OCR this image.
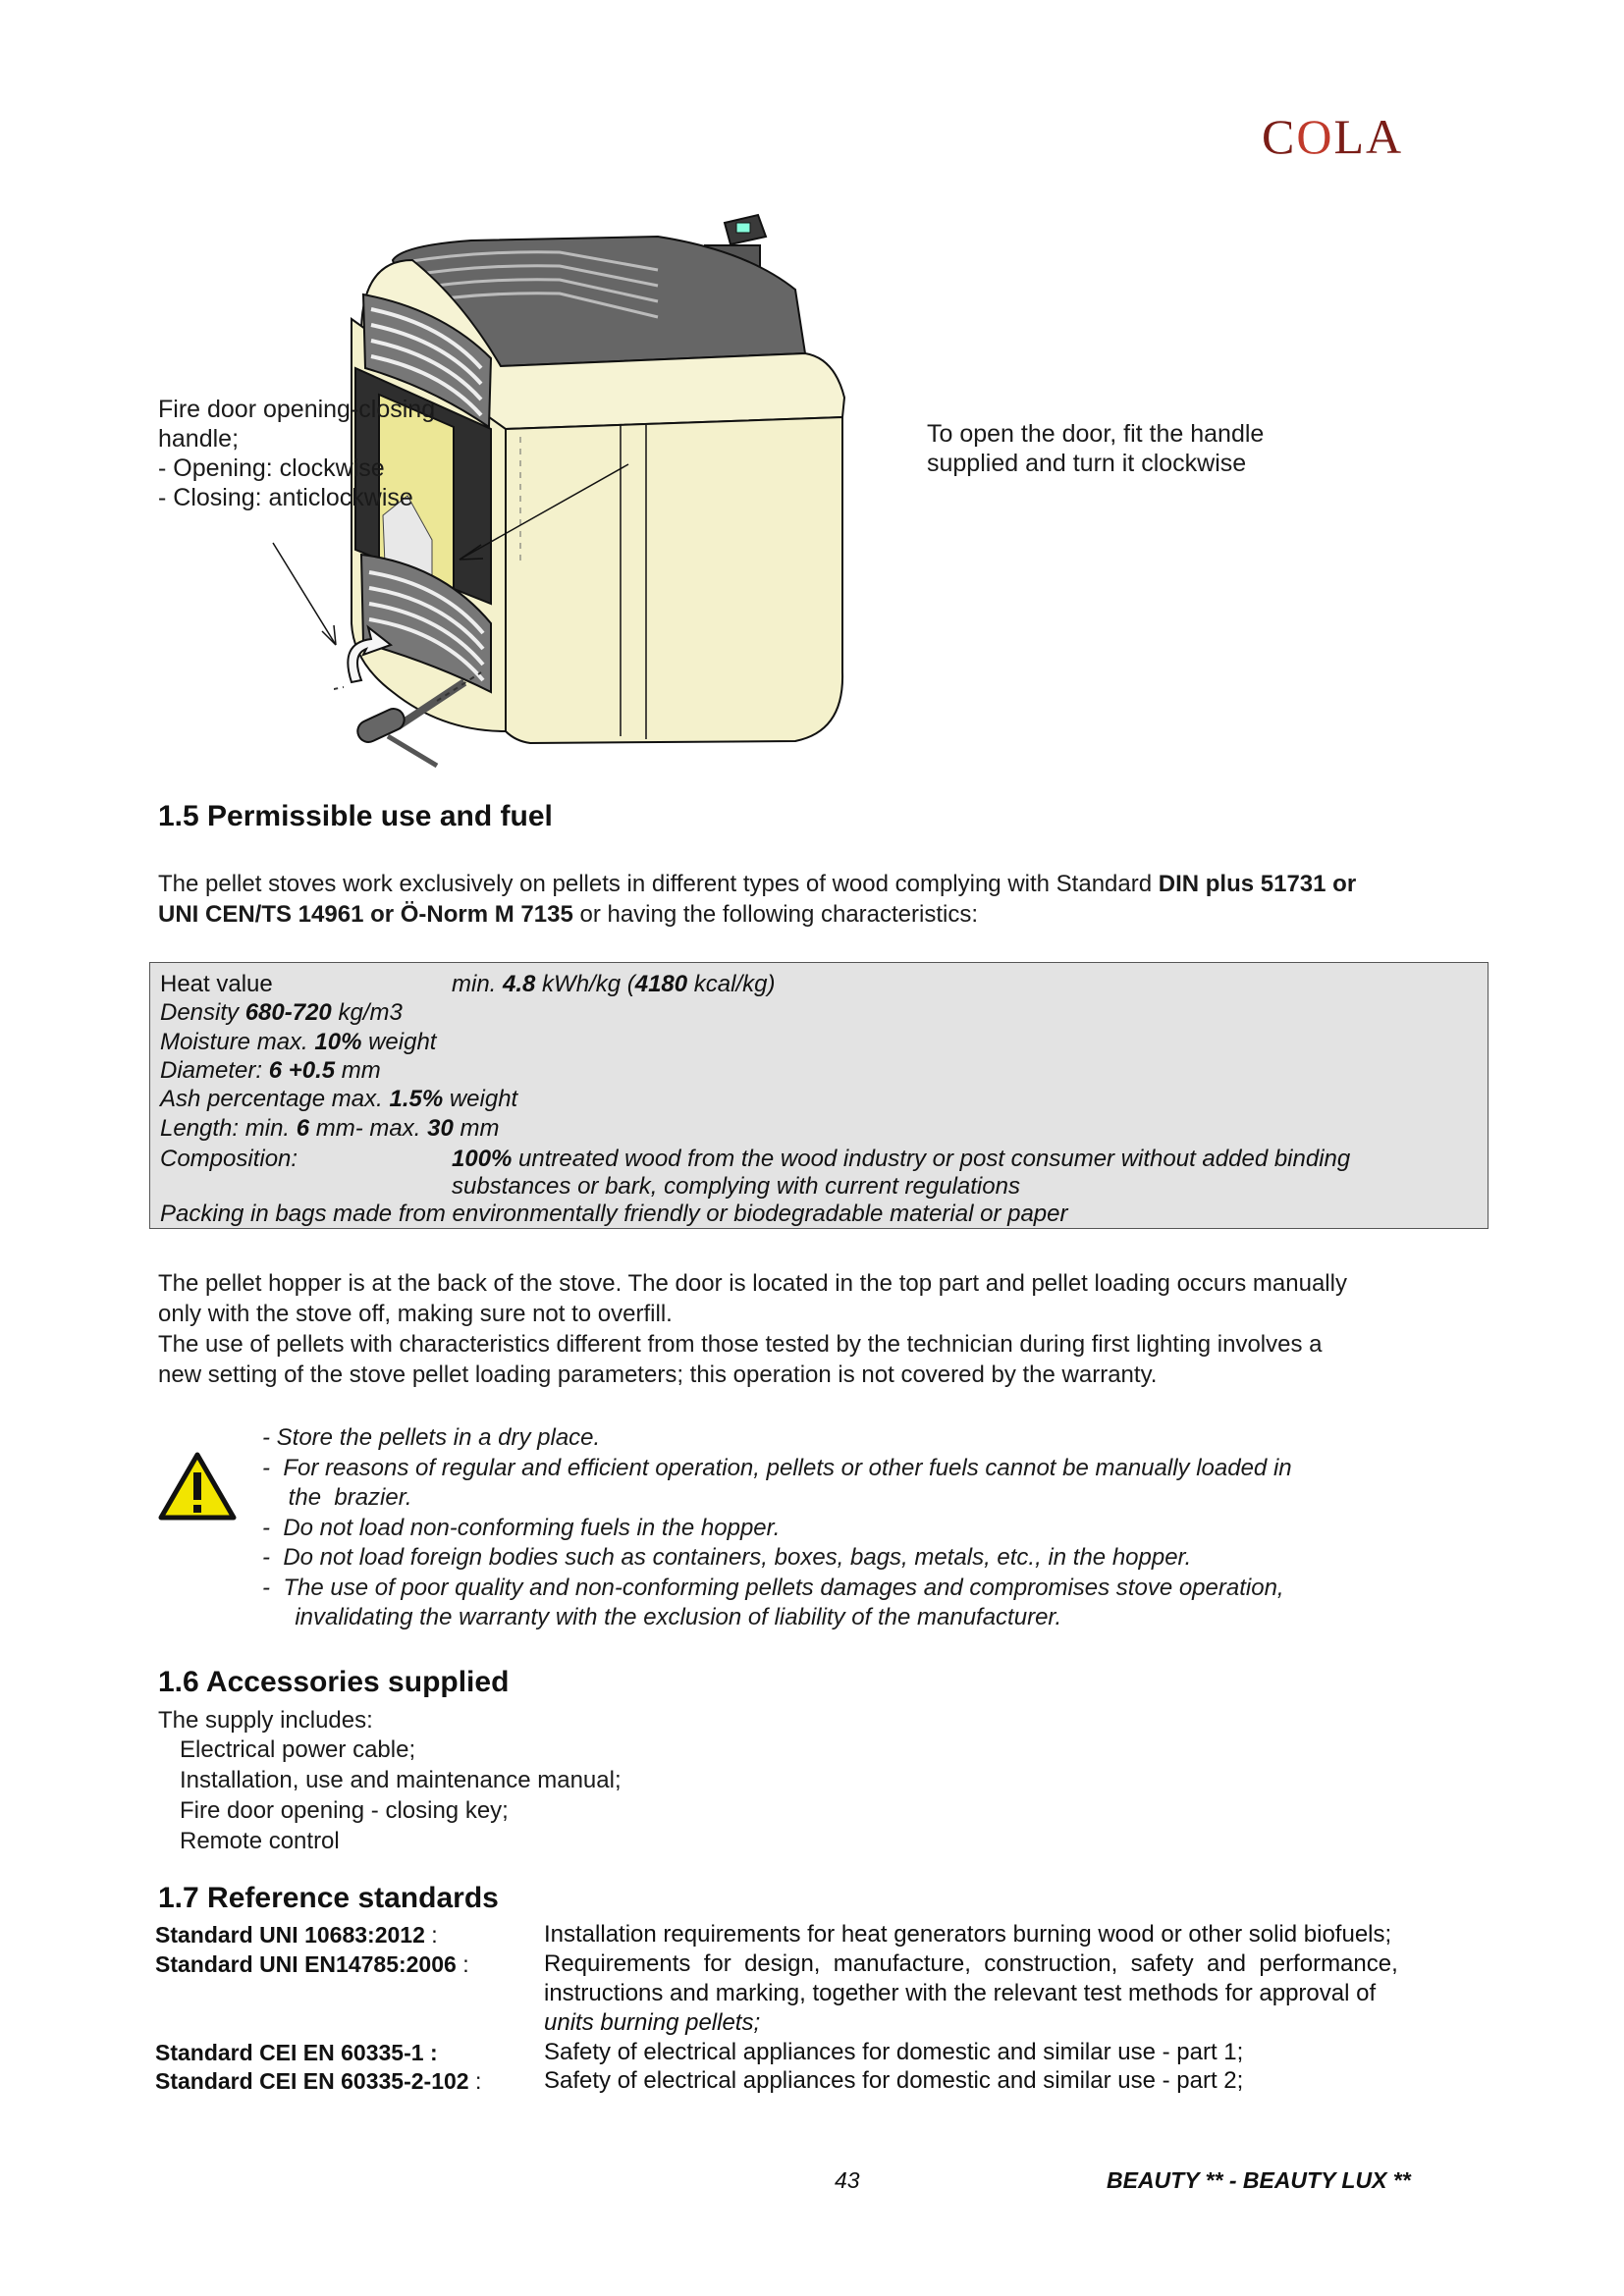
COLA
Fire door opening-closing
handle;
- Opening: clockwise
- Closing: anticlockwise
To open the door, fit the handle
supplied and turn it clockwise
1.5 Permissible use and fuel
The pellet stoves work exclusively on pellets in different types of wood complying with Standard DIN plus 51731 or
UNI CEN/TS 14961 or Ö-Norm M 7135 or having the following characteristics:
Heat value	min. 4.8 kWh/kg (4180 kcal/kg)
Density 680-720 kg/m3
Moisture max. 10% weight
Diameter: 6 +0.5 mm
Ash percentage max. 1.5% weight
Length: min. 6 mm- max. 30 mm
Composition:	100% untreated wood from the wood industry or post consumer without added binding
substances or bark, complying with current regulations
Packing in bags made from environmentally friendly or biodegradable material or paper
The pellet hopper is at the back of the stove. The door is located in the top part and pellet loading occurs manually
only with the stove off, making sure not to overfill.
The use of pellets with characteristics different from those tested by the technician during first lighting involves a
new setting of the stove pellet loading parameters; this operation is not covered by the warranty.
- Store the pellets in a dry place.
-  For reasons of regular and efficient operation, pellets or other fuels cannot be manually loaded in
the  brazier.
-  Do not load non-conforming fuels in the hopper.
-  Do not load foreign bodies such as containers, boxes, bags, metals, etc., in the hopper.
-  The use of poor quality and non-conforming pellets damages and compromises stove operation,
invalidating the warranty with the exclusion of liability of the manufacturer.
1.6 Accessories supplied
The supply includes:
Electrical power cable;
Installation, use and maintenance manual;
Fire door opening - closing key;
Remote control
1.7 Reference standards
Standard UNI 10683:2012 :	Installation requirements for heat generators burning wood or other solid biofuels;
Standard UNI EN14785:2006 :	Requirements  for  design,  manufacture,  construction,  safety  and  performance,
instructions and marking, together with the relevant test methods for approval of
units burning pellets;
Standard CEI EN 60335-1 :	Safety of electrical appliances for domestic and similar use - part 1;
Standard CEI EN 60335-2-102 :	Safety of electrical appliances for domestic and similar use - part 2;
43	BEAUTY ** - BEAUTY LUX **
